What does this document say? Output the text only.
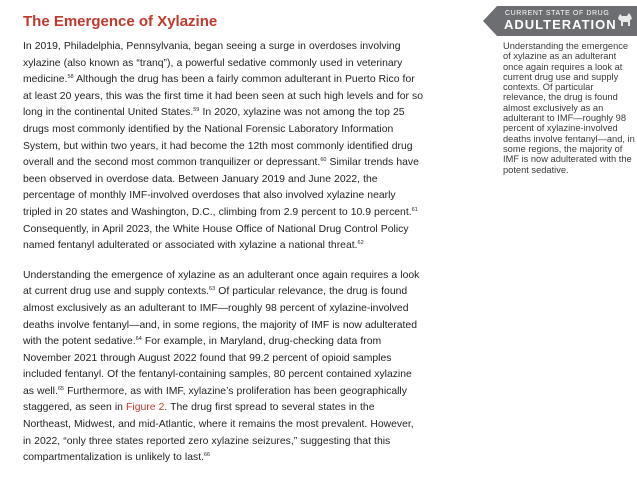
The Emergence of Xylazine

In 2019, Philadelphia, Pennsylvania, began seeing a surge in overdoses involving xylazine (also known as “tranq”), a powerful sedative commonly used in veterinary medicine.$^{58}$ Although the drug has been a fairly common adulterant in Puerto Rico for at least 20 years, this was the first time it had been seen at such high levels and for so long in the continental United States.$^{59}$ In 2020, xylazine was not among the top 25 drugs most commonly identified by the National Forensic Laboratory Information System, but within two years, it had become the 12th most commonly identified drug overall and the second most common tranquilizer or depressant.$^{60}$ Similar trends have been observed in overdose data. Between January 2019 and June 2022, the percentage of monthly IMF-involved overdoses that also involved xylazine nearly tripled in 20 states and Washington, D.C., climbing from 2.9 percent to 10.9 percent.$^{61}$ Consequently, in April 2023, the White House Office of National Drug Control Policy named fentanyl adulterated or associated with xylazine a national threat.$^{62}$

Understanding the emergence of xylazine as an adulterant once again requires a look at current drug use and supply contexts.$^{63}$ Of particular relevance, the drug is found almost exclusively as an adulterant to IMF—roughly 98 percent of xylazine-involved deaths involve fentanyl—and, in some regions, the majority of IMF is now adulterated with the potent sedative.$^{64}$ For example, in Maryland, drug-checking data from November 2021 through August 2022 found that 99.2 percent of opioid samples included fentanyl. Of the fentanyl-containing samples, 80 percent contained xylazine as well.$^{65}$ Furthermore, as with IMF, xylazine’s proliferation has been geographically staggered, as seen in Figure 2. The drug first spread to several states in the Northeast, Midwest, and mid-Atlantic, where it remains the most prevalent. However, in 2022, “only three states reported zero xylazine seizures,” suggesting that this compartmentalization is unlikely to last.$^{66}$

CURRENT STATE OF DRUG
ADULTERATION
Understanding the emergence of xylazine as an adulterant once again requires a look at current drug use and supply contexts. Of particular relevance, the drug is found almost exclusively as an adulterant to IMF—roughly 98 percent of xylazine-involved deaths involve fentanyl—and, in some regions, the majority of IMF is now adulterated with the potent sedative.
